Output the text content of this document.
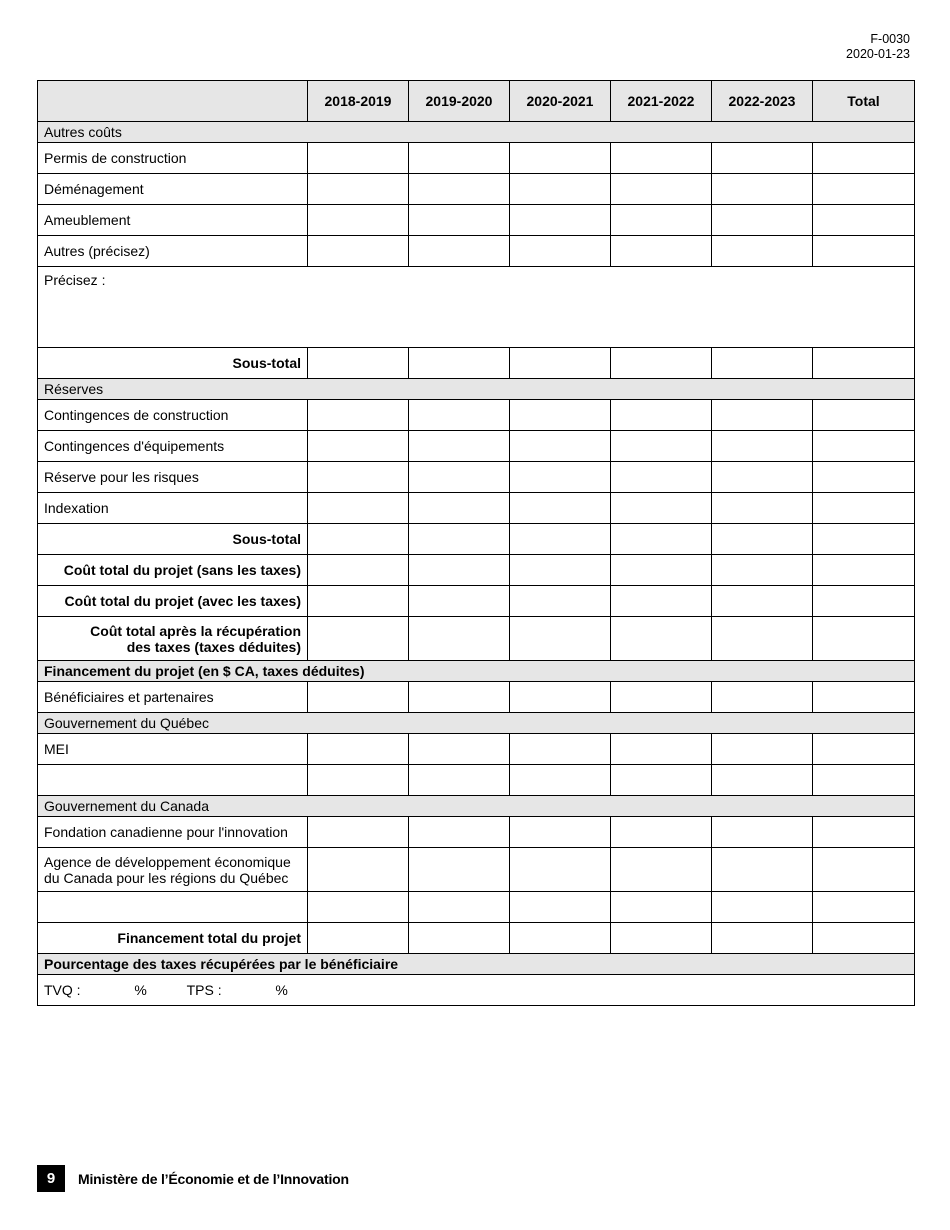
F-0030
2020-01-23
	2018-2019	2019-2020	2020-2021	2021-2022	2022-2023	Total
Autres coûts						
Permis de construction						
Déménagement						
Ameublement						
Autres (précisez)						
Précisez :						
Sous-total						
Réserves						
Contingences de construction						
Contingences d'équipements						
Réserve pour les risques						
Indexation						
Sous-total						
Coût total du projet (sans les taxes)						
Coût total du projet (avec les taxes)						

Coût total après la récupération
des taxes (taxes déduites)						

Financement du projet (en $ CA, taxes déduites)						
Bénéficiaires et partenaires						
Gouvernement du Québec						
MEI						

Gouvernement du Canada						
Fondation canadienne pour l'innovation						

Agence de développement économique
du Canada pour les régions du Québec						

Financement total du projet						
Pourcentage des taxes récupérées par le bénéficiaire						
TVQ : % TPS : %						
9	Ministère de l’Économie et de l’Innovation
